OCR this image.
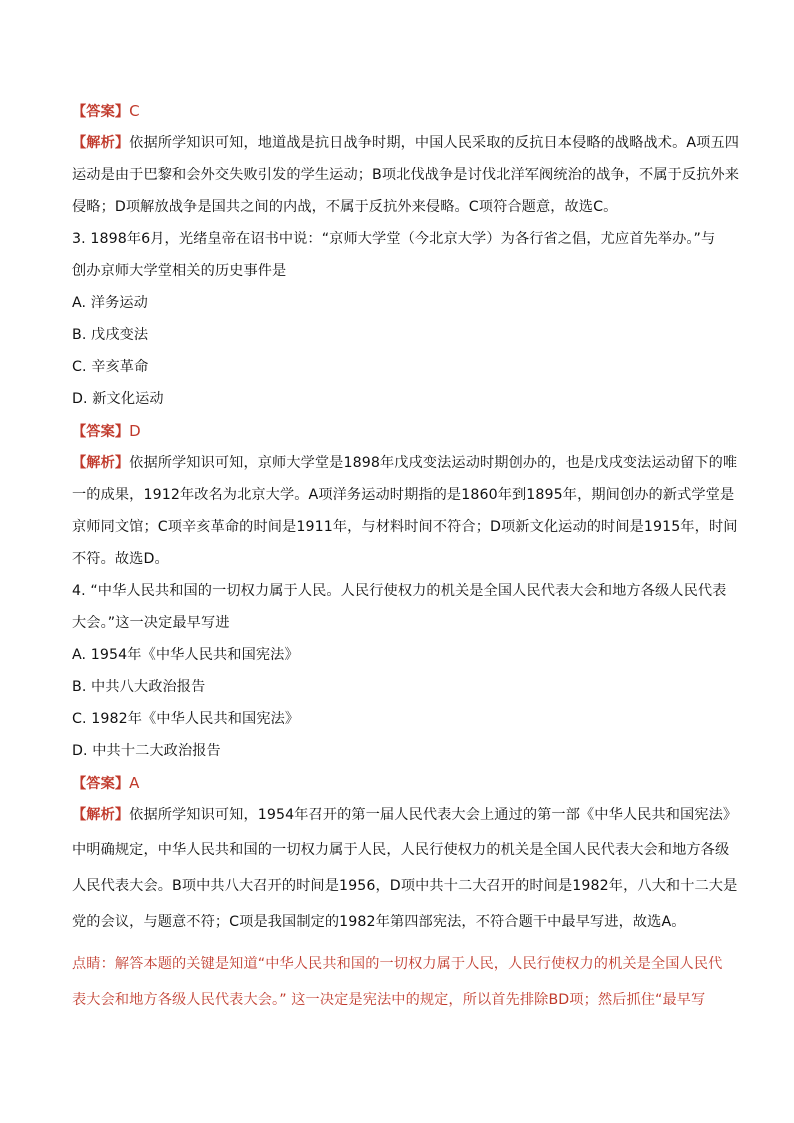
【答案】C
【解析】依据所学知识可知，地道战是抗日战争时期，中国人民采取的反抗日本侵略的战略战术。A项五四
运动是由于巴黎和会外交失败引发的学生运动；B项北伐战争是讨伐北洋军阀统治的战争，不属于反抗外来
侵略；D项解放战争是国共之间的内战，不属于反抗外来侵略。C项符合题意，故选C。
3. 1898年6月，光绪皇帝在诏书中说：“京师大学堂（今北京大学）为各行省之倡，尤应首先举办。”与
创办京师大学堂相关的历史事件是
A. 洋务运动
B. 戊戌变法
C. 辛亥革命
D. 新文化运动
【答案】D
【解析】依据所学知识可知，京师大学堂是1898年戊戌变法运动时期创办的，也是戊戌变法运动留下的唯
一的成果，1912年改名为北京大学。A项洋务运动时期指的是1860年到1895年，期间创办的新式学堂是
京师同文馆；C项辛亥革命的时间是1911年，与材料时间不符合；D项新文化运动的时间是1915年，时间
不符。故选D。
4. “中华人民共和国的一切权力属于人民。人民行使权力的机关是全国人民代表大会和地方各级人民代表
大会。”这一决定最早写进
A. 1954年《中华人民共和国宪法》
B. 中共八大政治报告
C. 1982年《中华人民共和国宪法》
D. 中共十二大政治报告
【答案】A
【解析】依据所学知识可知，1954年召开的第一届人民代表大会上通过的第一部《中华人民共和国宪法》
中明确规定，中华人民共和国的一切权力属于人民，人民行使权力的机关是全国人民代表大会和地方各级
人民代表大会。B项中共八大召开的时间是1956，D项中共十二大召开的时间是1982年，八大和十二大是
党的会议，与题意不符；C项是我国制定的1982年第四部宪法，不符合题干中最早写进，故选A。
点睛：解答本题的关键是知道“中华人民共和国的一切权力属于人民，人民行使权力的机关是全国人民代
表大会和地方各级人民代表大会。” 这一决定是宪法中的规定，所以首先排除BD项；然后抓住“最早写
